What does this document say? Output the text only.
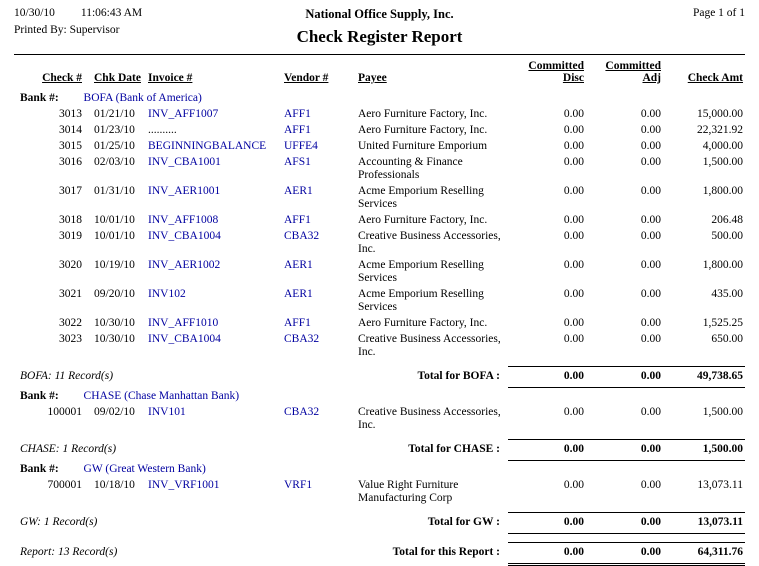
10/30/10 11:06:43 AM
Printed By: Supervisor
National Office Supply, Inc.
Check Register Report
Page 1 of 1
Check #	Chk Date	Invoice #	Vendor #	Payee	Committed Disc	Committed Adj	Check Amt
Bank #: BOFA (Bank of America)							
3013	01/21/10	INV_AFF1007	AFF1	Aero Furniture Factory, Inc.	0.00	0.00	15,000.00
3014	01/23/10	..........	AFF1	Aero Furniture Factory, Inc.	0.00	0.00	22,321.92
3015	01/25/10	BEGINNINGBALANCE	UFFE4	United Furniture Emporium	0.00	0.00	4,000.00
3016	02/03/10	INV_CBA1001	AFS1	Accounting & Finance Professionals	0.00	0.00	1,500.00
3017	01/31/10	INV_AER1001	AER1	Acme Emporium Reselling Services	0.00	0.00	1,800.00
3018	10/01/10	INV_AFF1008	AFF1	Aero Furniture Factory, Inc.	0.00	0.00	206.48
3019	10/01/10	INV_CBA1004	CBA32	Creative Business Accessories, Inc.	0.00	0.00	500.00
3020	10/19/10	INV_AER1002	AER1	Acme Emporium Reselling Services	0.00	0.00	1,800.00
3021	09/20/10	INV102	AER1	Acme Emporium Reselling Services	0.00	0.00	435.00
3022	10/30/10	INV_AFF1010	AFF1	Aero Furniture Factory, Inc.	0.00	0.00	1,525.25
3023	10/30/10	INV_CBA1004	CBA32	Creative Business Accessories, Inc.	0.00	0.00	650.00

BOFA: 11 Record(s)			Total for BOFA :		0.00	0.00	49,738.65
Bank #: CHASE (Chase Manhattan Bank)							
100001	09/02/10	INV101	CBA32	Creative Business Accessories, Inc.	0.00	0.00	1,500.00

CHASE: 1 Record(s)			Total for CHASE :		0.00	0.00	1,500.00
Bank #: GW (Great Western Bank)							
700001	10/18/10	INV_VRF1001	VRF1	Value Right Furniture Manufacturing Corp	0.00	0.00	13,073.11

GW: 1 Record(s)			Total for GW :		0.00	0.00	13,073.11

Report: 13 Record(s)			Total for this Report :		0.00	0.00	64,311.76
